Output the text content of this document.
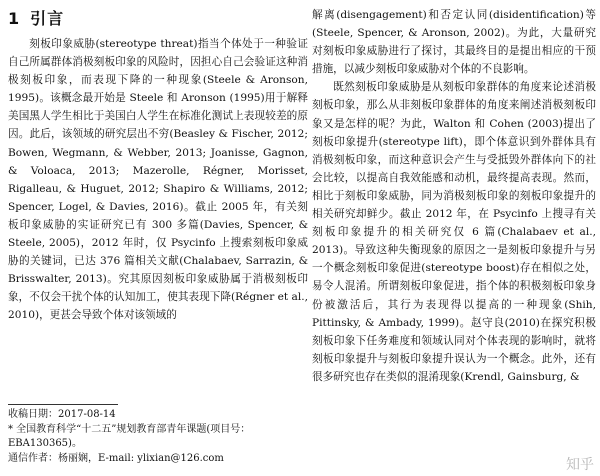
1 引言

刻板印象威胁(stereotype threat)指当个体处于一种验证自己所属群体消极刻板印象的风险时，因担心自己会验证这种消极刻板印象，而表现下降的一种现象(Steele & Aronson, 1995)。该概念最开始是 Steele 和 Aronson (1995)用于解释美国黑人学生相比于美国白人学生在标准化测试上表现较差的原因。此后，该领域的研究层出不穷(Beasley & Fischer, 2012; Bowen, Wegmann, & Webber, 2013; Joanisse, Gagnon, & Voloaca, 2013; Mazerolle, Régner, Morisset, Rigalleau, & Huguet, 2012; Shapiro & Williams, 2012; Spencer, Logel, & Davies, 2016)。截止 2005 年，有关刻板印象威胁的实证研究已有 300 多篇(Davies, Spencer, & Steele, 2005)，2012 年时，仅 Psycinfo 上搜索刻板印象威胁的关键词，已达 376 篇相关文献(Chalabaev, Sarrazin, & Brisswalter, 2013)。究其原因刻板印象威胁属于消极刻板印象，不仅会干扰个体的认知加工，使其表现下降(Régner et al., 2010)，更甚会导致个体对该领域的

解离(disengagement)和否定认同(disidentification)等(Steele, Spencer, & Aronson, 2002)。为此，大量研究对刻板印象威胁进行了探讨，其最终目的是提出相应的干预措施，以减少刻板印象威胁对个体的不良影响。

既然刻板印象威胁是从刻板印象群体的角度来论述消极刻板印象，那么从非刻板印象群体的角度来阐述消极刻板印象又是怎样的呢？为此，Walton 和 Cohen (2003)提出了刻板印象提升(stereotype lift)，即个体意识到外群体具有消极刻板印象，而这种意识会产生与受抵毁外群体向下的社会比较，以提高自我效能感和动机，最终提高表现。然而，相比于刻板印象威胁，同为消极刻板印象的刻板印象提升的相关研究却鲜少。截止 2012 年，在 Psycinfo 上搜寻有关刻板印象提升的相关研究仅 6 篇(Chalabaev et al., 2013)。导致这种失衡现象的原因之一是刻板印象提升与另一个概念刻板印象促进(stereotype boost)存在相似之处，易令人混淆。所谓刻板印象促进，指个体的积极刻板印象身份被激活后，其行为表现得以提高的一种现象(Shih, Pittinsky, & Ambady, 1999)。赵守良(2010)在探究积极刻板印象下任务难度和领域认同对个体表现的影响时，就将刻板印象提升与刻板印象提升误认为一个概念。此外，还有很多研究也存在类似的混淆现象(Krendl, Gainsburg, &

收稿日期：2017-08-14

* 全国教育科学“十二五”规划教育部青年课题(项目号：EBA130365)。

通信作者：杨丽娴，E-mail: ylixian@126.com	知乎
